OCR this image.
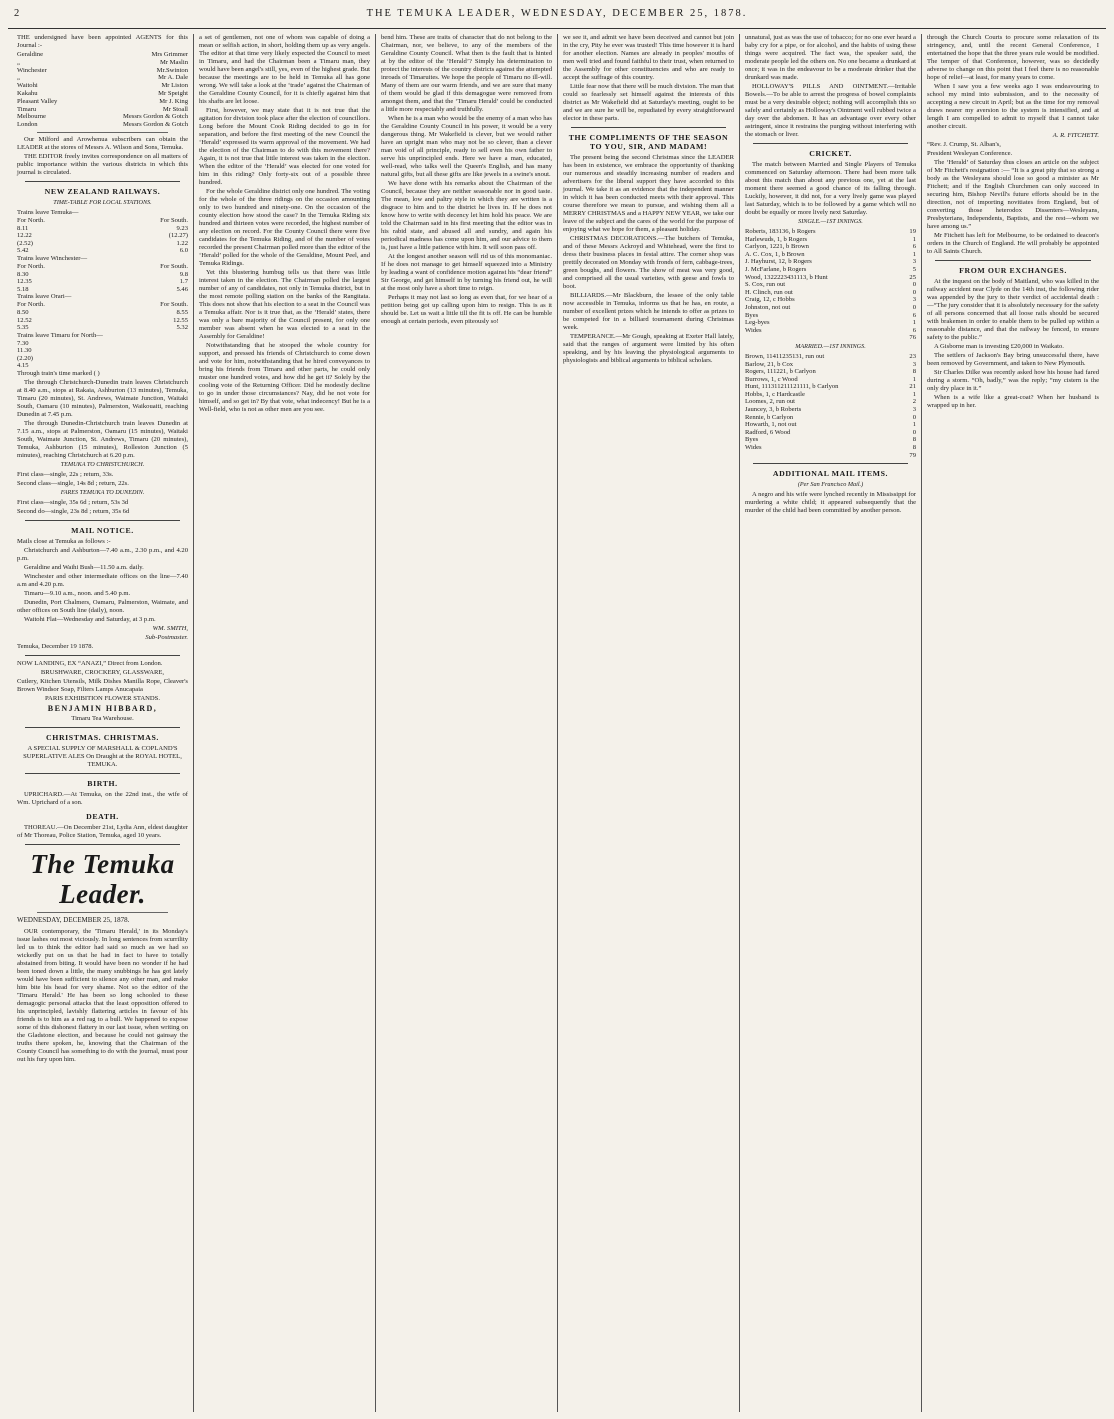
2	THE TEMUKA LEADER, WEDNESDAY, DECEMBER 25, 1878.

THE undersigned have been appointed AGENTS for this Journal :-

Geraldine	Mrs Grimmer
„	Mr Maslin
Winchester	Mr.Swinton
„	Mr A. Dale
Waitohi	Mr Liston
Kakahu	Mr Speight
Pleasant Valley	Mr J. King
Timaru	Mr Stoall
Melbourne	Messrs Gordon & Gotch
London	Messrs Gordon & Gotch

Our Milford and Arowhenua subscribers can obtain the LEADER at the stores of Messrs A. Wilson and Sons, Temuka.

THE EDITOR freely invites correspondence on all matters of public importance within the various districts in which this journal is circulated.

NEW ZEALAND RAILWAYS.
TIME-TABLE FOR LOCAL STATIONS.
Trains leave Temuka—
For North.	For South.
8.11	9.23
12.22	(12.27)
(2.52)	1.22
5.42	6.0
Trains leave Winchester—
For North.	For South.
8.30	9.8
12.35	1.7
5.18	5.46
Trains leave Orari—
For North.	For South.
8.50	8.55
12.52	12.55
5.35	5.32
Trains leave Timaru for North—
7.30
11.30
(2.20)
4.15

Through train's time marked ( )

The through Christchurch-Dunedin train leaves Christchurch at 8.40 a.m., stops at Rakaia, Ashburton (13 minutes), Temuka, Timaru (20 minutes), St. Andrews, Waimate Junction, Waitaki South, Oamaru (10 minutes), Palmerston, Waikouaiti, reaching Dunedin at 7.45 p.m.

The through Dunedin-Christchurch train leaves Dunedin at 7.15 a.m., stops at Palmerston, Oamaru (15 minutes), Waitaki South, Waimate Junction, St. Andrews, Timaru (20 minutes), Temuka, Ashburton (15 minutes), Rolleston Junction (5 minutes), reaching Christchurch at 6.20 p.m.

TEMUKA TO CHRISTCHURCH.

First class—single, 22s ; return, 33s.

Second class—single, 14s 8d ; return, 22s.

FARES TEMUKA TO DUNEDIN.

First class—single, 35s 6d ; return, 53s 3d

Second do—single, 23s 8d ; return, 35s 6d

MAIL NOTICE.

Mails close at Temuka as follows :-

Christchurch and Ashburton—7.40 a.m., 2.30 p.m., and 4.20 p.m.

Geraldine and Waihi Bush—11.50 a.m. daily.

Winchester and other intermediate offices on the line—7.40 a.m and 4.20 p.m.

Timaru—9.10 a.m., noon. and 5.40 p.m.

Dunedin, Port Chalmers, Oamaru, Palmerston, Waimate, and other offices on South line (daily), noon.

Waitohi Flat—Wednesday and Saturday, at 3 p.m.

WM. SMITH,

Sub-Postmaster.

Temuka, December 19 1878.

NOW LANDING, EX “ANAZI,” Direct from London.

BRUSHWARE, CROCKERY, GLASSWARE,

Cutlery, Kitchen Utensils, Milk Dishes Manilla Rope, Cleaver's Brown Windsor Soap, Filters Lamps Anucapaia

PARIS EXHIBITION FLOWER STANDS.

BENJAMIN HIBBARD,

Timaru Tea Warehouse.

CHRISTMAS. CHRISTMAS.

A SPECIAL SUPPLY OF MARSHALL & COPLAND'S SUPERLATIVE ALES On Draught at the ROYAL HOTEL, TEMUKA.

BIRTH.

UPRICHARD.—At Temuka, on the 22nd inst., the wife of Wm. Uprichard of a son.

DEATH.

THOREAU.—On December 21st, Lydia Ann, eldest daughter of Mr Thoreau, Police Station, Temuka, aged 10 years.

The Temuka Leader.
WEDNESDAY, DECEMBER 25, 1878.

OUR contemporary, the 'Timaru Herald,' in its Monday's issue lashes out most viciously. In long sentences from scurrility led us to think the editor had said so much as we had so wickedly put on us that he had in fact to have to totally abstained from biting. It would have been no wonder if he had been toned down a little, the many snubbings he has got lately would have been sufficient to silence any other man, and make him bite his head for very shame. Not so the editor of the 'Timaru Herald.' He has been so long schooled to these demagogic personal attacks that the least opposition offered to his unprincipled, lavishly flattering articles in favour of his friends is to him as a red rag to a bull. We happened to expose some of this dishonest flattery in our last issue, when writing on the Gladstone election, and because he could not gainsay the truths there spoken, he, knowing that the Chairman of the County Council has something to do with the journal, must pour out his fury upon him.

a set of gentlemen, not one of whom was capable of doing a mean or selfish action, in short, holding them up as very angels. The editor at that time very likely expected the Council to meet in Timaru, and had the Chairman been a Timaru man, they would have been angel's still, yes, even of the highest grade. But because the meetings are to be held in Temuka all has gone wrong. We will take a look at the ‘trade’ against the Chairman of the Geraldine County Council, for it is chiefly against him that his shafts are let loose.

First, however, we may state that it is not true that the agitation for division took place after the election of councillors. Long before the Mount Cook Riding decided to go in for separation, and before the first meeting of the new Council the ‘Herald’ expressed its warm approval of the movement. We had the election of the Chairman to do with this movement there? Again, it is not true that little interest was taken in the election. When the editor of the ‘Herald’ was elected for one voted for him in this riding? Only forty-six out of a possible three hundred.

For the whole Geraldine district only one hundred. The voting for the whole of the three ridings on the occasion amounting only to two hundred and ninety-one. On the occasion of the county election how stood the case? In the Temuka Riding six hundred and thirteen votes were recorded, the highest number of any election on record. For the County Council there were five candidates for the Temuka Riding, and of the number of votes recorded the present Chairman polled more than the editor of the ‘Herald’ polled for the whole of the Geraldine, Mount Peel, and Temuka Ridings.

Yet this blustering humbug tells us that there was little interest taken in the election. The Chairman polled the largest number of any of candidates, not only in Temuka district, but in the most remote polling station on the banks of the Rangitata. This does not show that his election to a seat in the Council was a Temuka affair. Nor is it true that, as the ‘Herald’ states, there was only a bare majority of the Council present, for only one member was absent when he was elected to a seat in the Assembly for Geraldine!

Notwithstanding that he stooped the whole country for support, and pressed his friends of Christchurch to come down and vote for him, notwithstanding that he hired conveyances to bring his friends from Timaru and other parts, he could only muster one hundred votes, and how did he get it? Solely by the cooling vote of the Returning Officer. Did he modestly decline to go in under those circumstances? Nay, did he not vote for himself, and so get in? By that vote, what indecency! But he is a Well-field, who is not as other men are you see.

bend him. These are traits of character that do not belong to the Chairman, nor, we believe, to any of the members of the Geraldine County Council. What then is the fault that is hinted at by the editor of the ‘Herald’? Simply his determination to protect the interests of the country districts against the attempted inroads of Timaruites. We hope the people of Timaru no ill-will. Many of them are our warm friends, and we are sure that many of them would be glad if this demagogue were removed from amongst them, and that the ‘Timaru Herald’ could be conducted a little more respectably and truthfully.

When he is a man who would be the enemy of a man who has the Geraldine County Council in his power, it would be a very dangerous thing. Mr Wakefield is clever, but we would rather have an upright man who may not be so clever, than a clever man void of all principle, ready to sell even his own father to serve his unprincipled ends. Here we have a man, educated, well-read, who talks well the Queen's English, and has many natural gifts, but all these gifts are like jewels in a swine's snout.

We have done with his remarks about the Chairman of the Council, because they are neither seasonable nor in good taste. The mean, low and paltry style in which they are written is a disgrace to him and to the district he lives in. If he does not know how to write with decency let him hold his peace. We are told the Chairman said in his first meeting that the editor was in his rabid state, and abused all and sundry, and again his periodical madness has come upon him, and our advice to them is, just have a little patience with him. It will soon pass off.

At the longest another season will rid us of this monomaniac. If he does not manage to get himself squeezed into a Ministry by leading a want of confidence motion against his “dear friend” Sir George, and get himself in by turning his friend out, he will at the most only have a short time to reign.

Perhaps it may not last so long as even that, for we hear of a petition being got up calling upon him to resign. This is as it should be. Let us wait a little till the fit is off. He can be humble enough at certain periods, even piteously so!

we see it, and admit we have been deceived and cannot but join in the cry, Pity he ever was trusted! This time however it is hard for another election. Names are already in peoples' mouths of men well tried and found faithful to their trust, when returned to the Assembly for other constituencies and who are ready to accept the suffrage of this country.

Little fear now that there will be much division. The man that could so fearlessly set himself against the interests of this district as Mr Wakefield did at Saturday's meeting, ought to be and we are sure he will be, repudiated by every straightforward elector in these parts.

THE COMPLIMENTS OF THE SEASON TO YOU, SIR, AND MADAM!

The present being the second Christmas since the LEADER has been in existence, we embrace the opportunity of thanking our numerous and steadily increasing number of readers and advertisers for the liberal support they have accorded to this journal. We take it as an evidence that the independent manner in which it has been conducted meets with their approval. This course therefore we mean to pursue, and wishing them all a MERRY CHRISTMAS and a HAPPY NEW YEAR, we take our leave of the subject and the cares of the world for the purpose of enjoying what we hope for them, a pleasant holiday.

CHRISTMAS DECORATIONS.—The butchers of Temuka, and of these Messrs Ackroyd and Whitehead, were the first to dress their business places in festal attire. The corner shop was prettily decorated on Monday with fronds of fern, cabbage-trees, green boughs, and flowers. The show of meat was very good, and comprised all the usual varieties, with geese and fowls to boot.

BILLIARDS.—Mr Blackburn, the lessee of the only table now accessible in Temuka, informs us that he has, en route, a number of excellent prizes which he intends to offer as prizes to be competed for in a billiard tournament during Christmas week.

TEMPERANCE.—Mr Gough, speaking at Exeter Hall lately, said that the ranges of argument were limited by his often speaking, and by his leaving the physiological arguments to physiologists and biblical arguments to biblical scholars.

unnatural, just as was the use of tobacco; for no one ever heard a baby cry for a pipe, or for alcohol, and the habits of using these things were acquired. The fact was, the speaker said, the moderate people led the others on. No one became a drunkard at once; it was in the endeavour to be a moderate drinker that the drunkard was made.

HOLLOWAY'S PILLS AND OINTMENT.—Irritable Bowels.—To be able to arrest the progress of bowel complaints must be a very desirable object; nothing will accomplish this so safely and certainly as Holloway's Ointment well rubbed twice a day over the abdomen. It has an advantage over every other astringent, since it restrains the purging without interfering with the stomach or liver.

CRICKET.

The match between Married and Single Players of Temuka commenced on Saturday afternoon. There had been more talk about this match than about any previous one, yet at the last moment there seemed a good chance of its falling through. Luckily, however, it did not, for a very lively game was played last Saturday, which is to be followed by a game which will no doubt be equally or more lively next Saturday.

SINGLE.—1ST INNINGS.
Roberts, 183136, b Rogers	19
Harlewuds, 1, b Rogers	1
Carlyon, 1221, b Brown	6
A. C. Cox, 1, b Brown	1
J. Hayhurst, 12, b Rogers	3
J. McFarlane, b Rogers	5
Wood, 1322223431113, b Hunt	25
S. Cox, run out	0
H. Clinch, run out	0
Craig, 12, c Hobbs	3
Johnston, not out	0
Byes	6
Leg-byes	1
Wides	6
76
MARRIED.—1ST INNINGS.
Brown, 11411235131, run out	23
Barlow, 21, b Cox	3
Rogers, 111221, b Carlyon	8
Burrows, 1, c Wood	1
Hunt, 111311211121111, b Carlyon	21
Hobbs, 1, c Hardcastle	1
Loomes, 2, run out	2
Jauncey, 3, b Roberts	3
Rennie, b Carlyon	0
Howarth, 1, not out	1
Radford, 6 Wood	0
Byes	8
Wides	8
79
ADDITIONAL MAIL ITEMS.
(Per San Francisco Mail.)

A negro and his wife were lynched recently in Mississippi for murdering a white child; it appeared subsequently that the murder of the child had been committed by another person.

through the Church Courts to procure some relaxation of its stringency, and, until the recent General Conference, I entertained the hope that the three years rule would be modified. The temper of that Conference, however, was so decidedly adverse to change on this point that I feel there is no reasonable hope of relief—at least, for many years to come.

When I saw you a few weeks ago I was endeavouring to school my mind into submission, and to the necessity of accepting a new circuit in April; but as the time for my removal draws nearer my aversion to the system is intensified, and at length I am compelled to admit to myself that I cannot take another circuit.

A. R. FITCHETT.

“Rev. J. Crump, St. Alban's,

President Wesleyan Conference.

The ‘Herald’ of Saturday thus closes an article on the subject of Mr Fitchett's resignation :— “It is a great pity that so strong a body as the Wesleyans should lose so good a minister as Mr Fitchett; and if the English Churchmen can only succeed in securing him, Bishop Nevill's future efforts should be in the direction, not of importing novitiates from England, but of converting those heterodox Dissenters—Wesleyans, Presbyterians, Independents, Baptists, and the rest—whom we have among us.”

Mr Fitchett has left for Melbourne, to be ordained to deacon's orders in the Church of England. He will probably be appointed to All Saints Church.

FROM OUR EXCHANGES.

At the inquest on the body of Maitland, who was killed in the railway accident near Clyde on the 14th inst, the following rider was appended by the jury to their verdict of accidental death :—“The jury consider that it is absolutely necessary for the safety of all persons concerned that all loose rails should be secured with brakemen in order to enable them to be pulled up within a reasonable distance, and that the railway be fenced, to ensure safety to the public.”

A Gisborne man is investing £20,000 in Waikato.

The settlers of Jackson's Bay bring unsuccessful there, have been removed by Government, and taken to New Plymouth.

Sir Charles Dilke was recently asked how his house had fared during a storm. “Oh, badly,” was the reply; “my cistern is the only dry place in it.”

When is a wife like a great-coat? When her husband is wrapped up in her.
